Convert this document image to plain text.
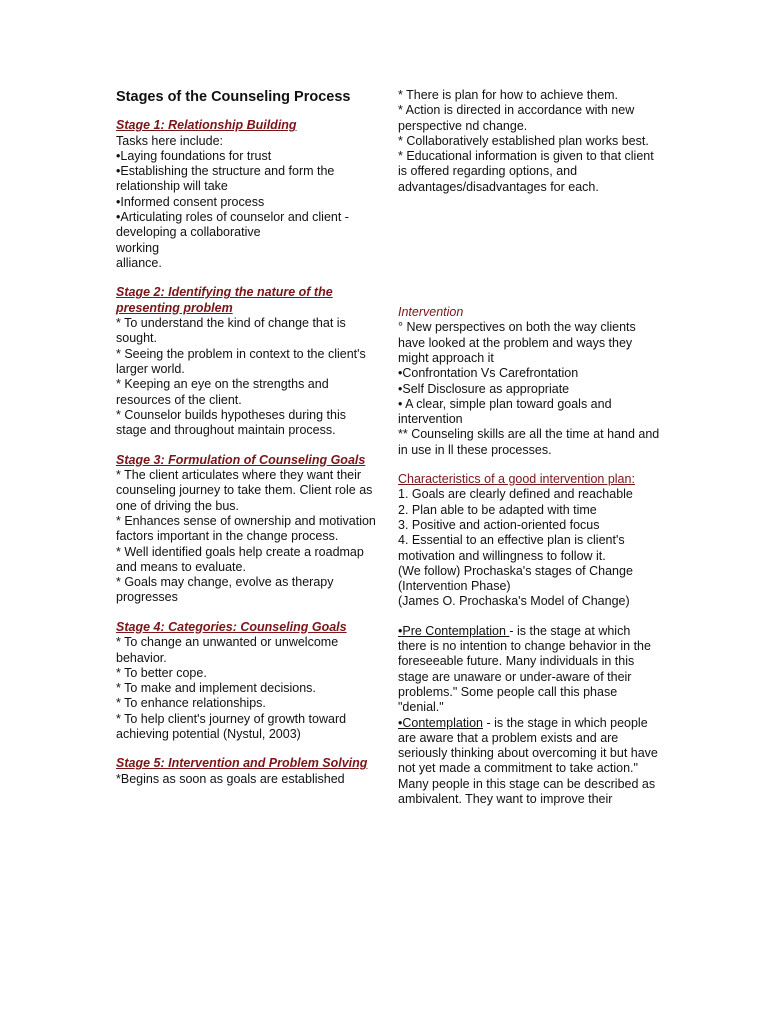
Stages of the Counseling Process
Stage 1: Relationship Building
Tasks here include:
•Laying foundations for trust
•Establishing the structure and form the relationship will take
•Informed consent process
•Articulating roles of counselor and client - developing a collaborative
working
alliance.
Stage 2: Identifying the nature of the presenting problem
* To understand the kind of change that is sought.
* Seeing the problem in context to the client's larger world.
* Keeping an eye on the strengths and resources of the client.
* Counselor builds hypotheses during this stage and throughout maintain process.
Stage 3: Formulation of Counseling Goals
* The client articulates where they want their counseling journey to take them. Client role as one of driving the bus.
* Enhances sense of ownership and motivation factors important in the change process.
* Well identified goals help create a roadmap and means to evaluate.
* Goals may change, evolve as therapy progresses
Stage 4: Categories: Counseling Goals
* To change an unwanted or unwelcome behavior.
* To better cope.
* To make and implement decisions.
* To enhance relationships.
* To help client's journey of growth toward achieving potential (Nystul, 2003)
Stage 5: Intervention and Problem Solving
*Begins as soon as goals are established
* There is plan for how to achieve them.
* Action is directed in accordance with new perspective nd change.
* Collaboratively established plan works best.
* Educational information is given to that client is offered regarding options, and advantages/disadvantages for each.
Intervention
° New perspectives on both the way clients have looked at the problem and ways they might approach it
•Confrontation Vs Carefrontation
•Self Disclosure as appropriate
• A clear, simple plan toward goals and intervention
** Counseling skills are all the time at hand and in use in ll these processes.
Characteristics of a good intervention plan:
1. Goals are clearly defined and reachable
2. Plan able to be adapted with time
3. Positive and action-oriented focus
4. Essential to an effective plan is client's motivation and willingness to follow it.
(We follow) Prochaska's stages of Change (Intervention Phase)
(James O. Prochaska's Model of Change)
•Pre Contemplation - is the stage at which there is no intention to change behavior in the foreseeable future. Many individuals in this stage are unaware or under-aware of their problems." Some people call this phase "denial."
•Contemplation - is the stage in which people are aware that a problem exists and are seriously thinking about overcoming it but have not yet made a commitment to take action." Many people in this stage can be described as ambivalent. They want to improve their
